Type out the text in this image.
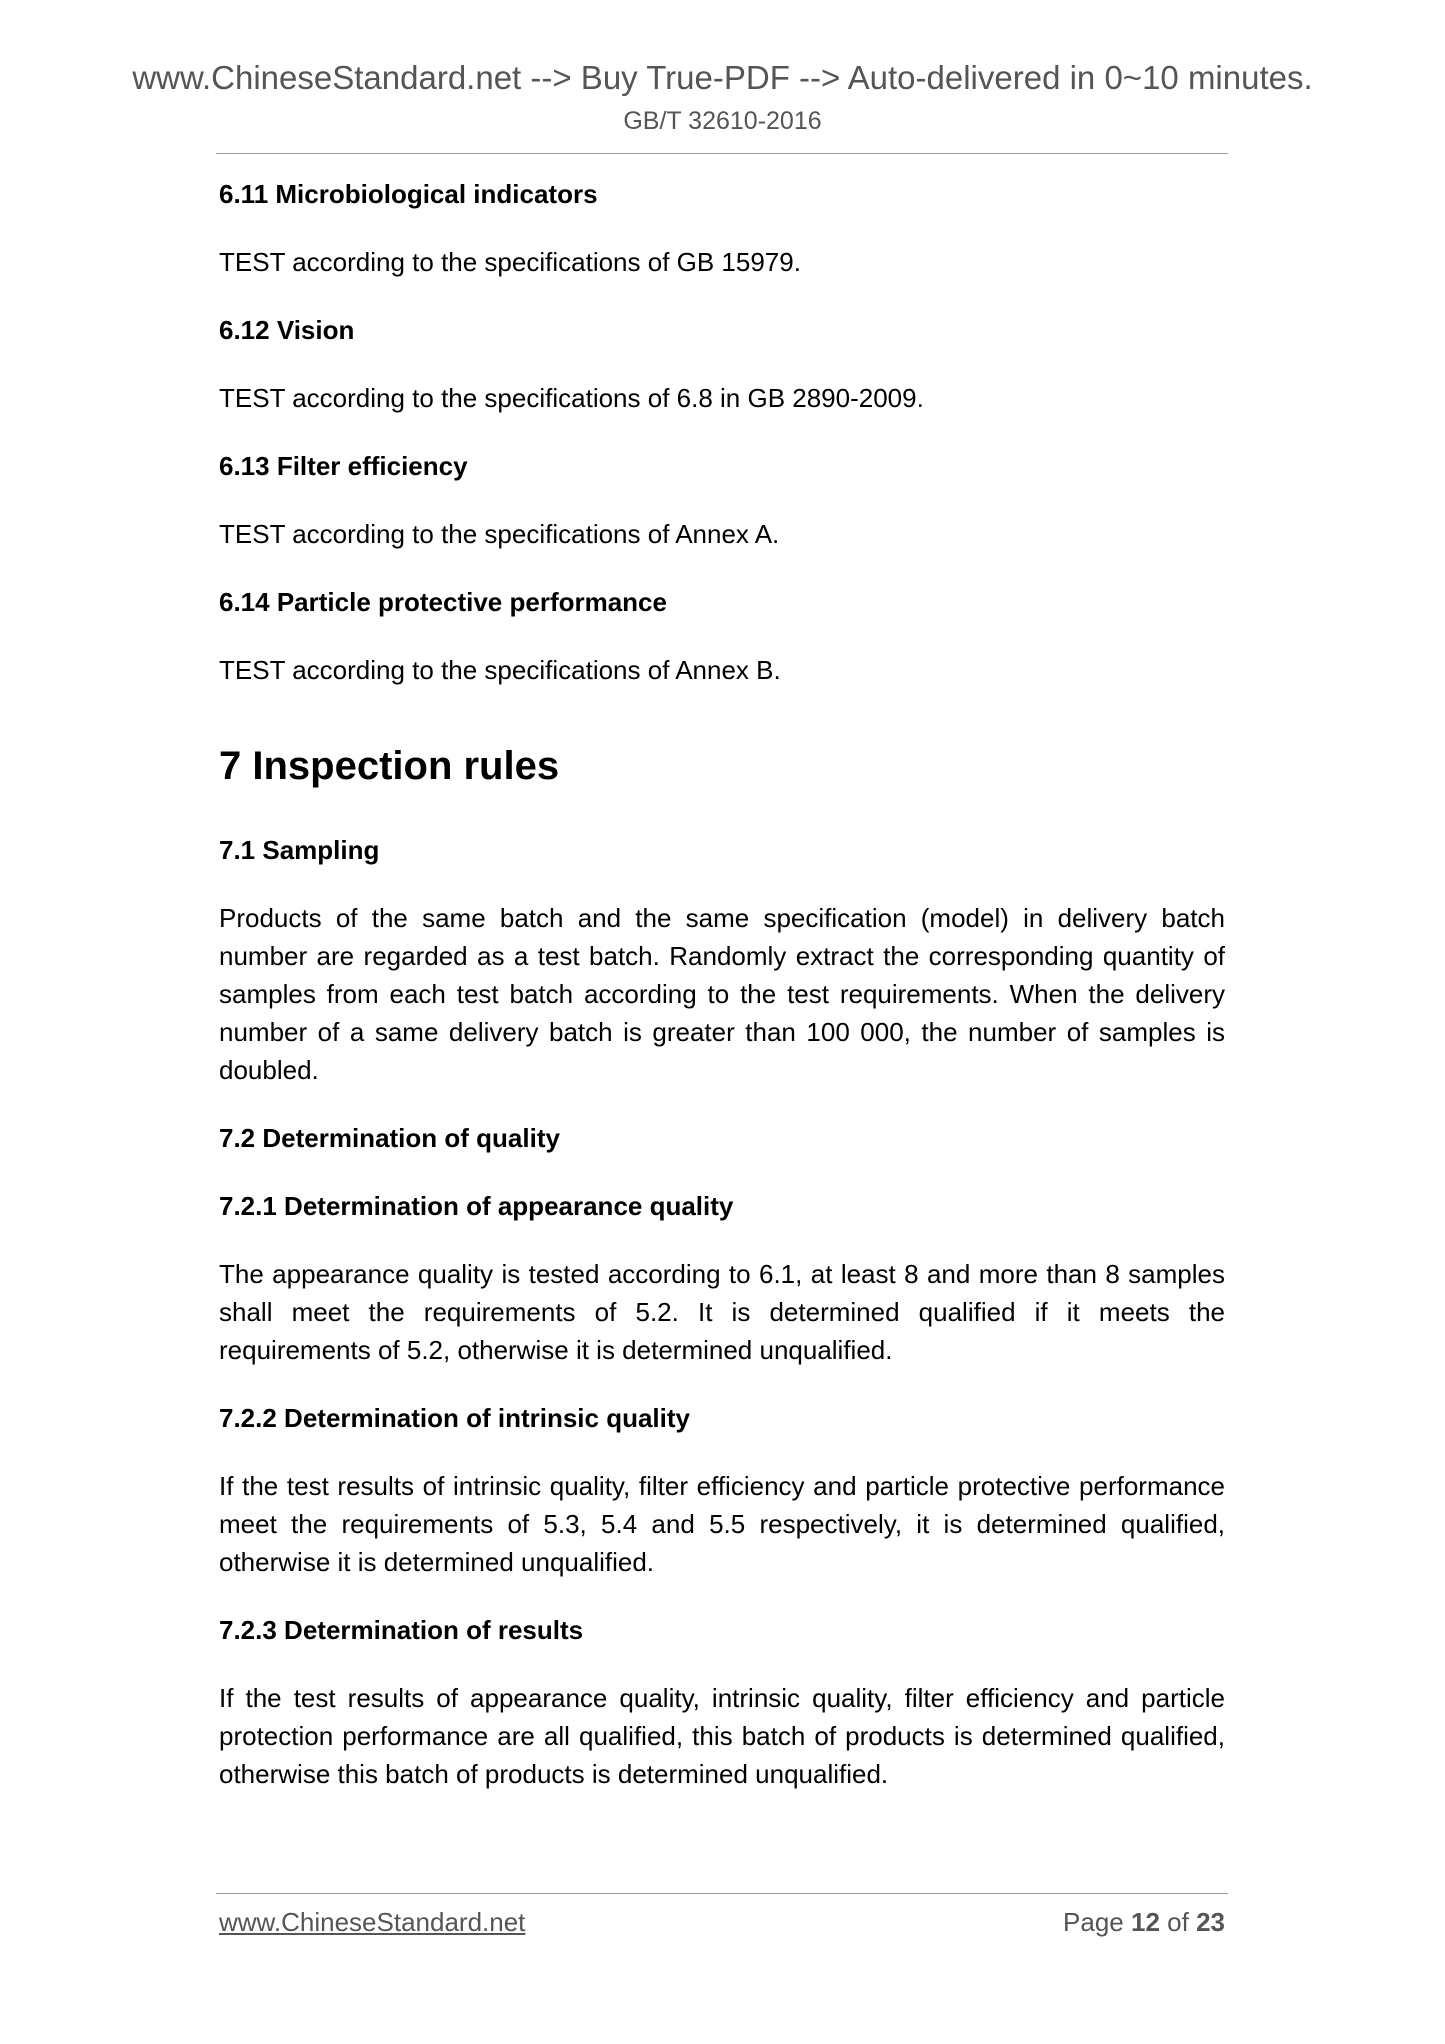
www.ChineseStandard.net --> Buy True-PDF --> Auto-delivered in 0~10 minutes.
GB/T 32610-2016
6.11 Microbiological indicators
TEST according to the specifications of GB 15979.
6.12 Vision
TEST according to the specifications of 6.8 in GB 2890-2009.
6.13 Filter efficiency
TEST according to the specifications of Annex A.
6.14 Particle protective performance
TEST according to the specifications of Annex B.
7 Inspection rules
7.1 Sampling
Products of the same batch and the same specification (model) in delivery batch number are regarded as a test batch. Randomly extract the corresponding quantity of samples from each test batch according to the test requirements. When the delivery number of a same delivery batch is greater than 100 000, the number of samples is doubled.
7.2 Determination of quality
7.2.1 Determination of appearance quality
The appearance quality is tested according to 6.1, at least 8 and more than 8 samples shall meet the requirements of 5.2. It is determined qualified if it meets the requirements of 5.2, otherwise it is determined unqualified.
7.2.2 Determination of intrinsic quality
If the test results of intrinsic quality, filter efficiency and particle protective performance meet the requirements of 5.3, 5.4 and 5.5 respectively, it is determined qualified, otherwise it is determined unqualified.
7.2.3 Determination of results
If the test results of appearance quality, intrinsic quality, filter efficiency and particle protection performance are all qualified, this batch of products is determined qualified, otherwise this batch of products is determined unqualified.
www.ChineseStandard.net	Page 12 of 23
